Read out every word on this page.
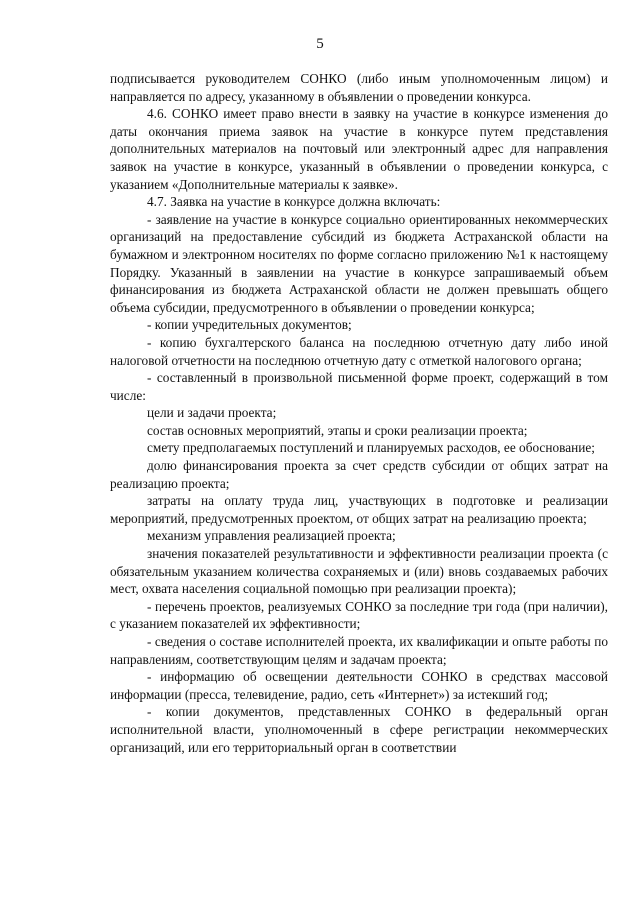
5

подписывается руководителем СОНКО (либо иным уполномоченным лицом) и направляется по адресу, указанному в объявлении о проведении конкурса.

4.6. СОНКО имеет право внести в заявку на участие в конкурсе изменения до даты окончания приема заявок на участие в конкурсе путем представления дополнительных материалов на почтовый или электронный адрес для направления заявок на участие в конкурсе, указанный в объявлении о проведении конкурса, с указанием «Дополнительные материалы к заявке».

4.7. Заявка на участие в конкурсе должна включать:

- заявление на участие в конкурсе социально ориентированных некоммерческих организаций на предоставление субсидий из бюджета Астраханской области на бумажном и электронном носителях по форме согласно приложению №1 к настоящему Порядку. Указанный в заявлении на участие в конкурсе запрашиваемый объем финансирования из бюджета Астраханской области не должен превышать общего объема субсидии, предусмотренного в объявлении о проведении конкурса;

- копии учредительных документов;

- копию бухгалтерского баланса на последнюю отчетную дату либо иной налоговой отчетности на последнюю отчетную дату с отметкой налогового органа;

- составленный в произвольной письменной форме проект, содержащий в том числе:

цели и задачи проекта;

состав основных мероприятий, этапы и сроки реализации проекта;

смету предполагаемых поступлений и планируемых расходов, ее обоснование;

долю финансирования проекта за счет средств субсидии от общих затрат на реализацию проекта;

затраты на оплату труда лиц, участвующих в подготовке и реализации мероприятий, предусмотренных проектом, от общих затрат на реализацию проекта;

механизм управления реализацией проекта;

значения показателей результативности и эффективности реализации проекта (с обязательным указанием количества сохраняемых и (или) вновь создаваемых рабочих мест, охвата населения социальной помощью при реализации проекта);

- перечень проектов, реализуемых СОНКО за последние три года (при наличии), с указанием показателей их эффективности;

- сведения о составе исполнителей проекта, их квалификации и опыте работы по направлениям, соответствующим целям и задачам проекта;

- информацию об освещении деятельности СОНКО в средствах массовой информации (пресса, телевидение, радио, сеть «Интернет») за истекший год;

- копии документов, представленных СОНКО в федеральный орган исполнительной власти, уполномоченный в сфере регистрации некоммерческих организаций, или его территориальный орган в соответствии
